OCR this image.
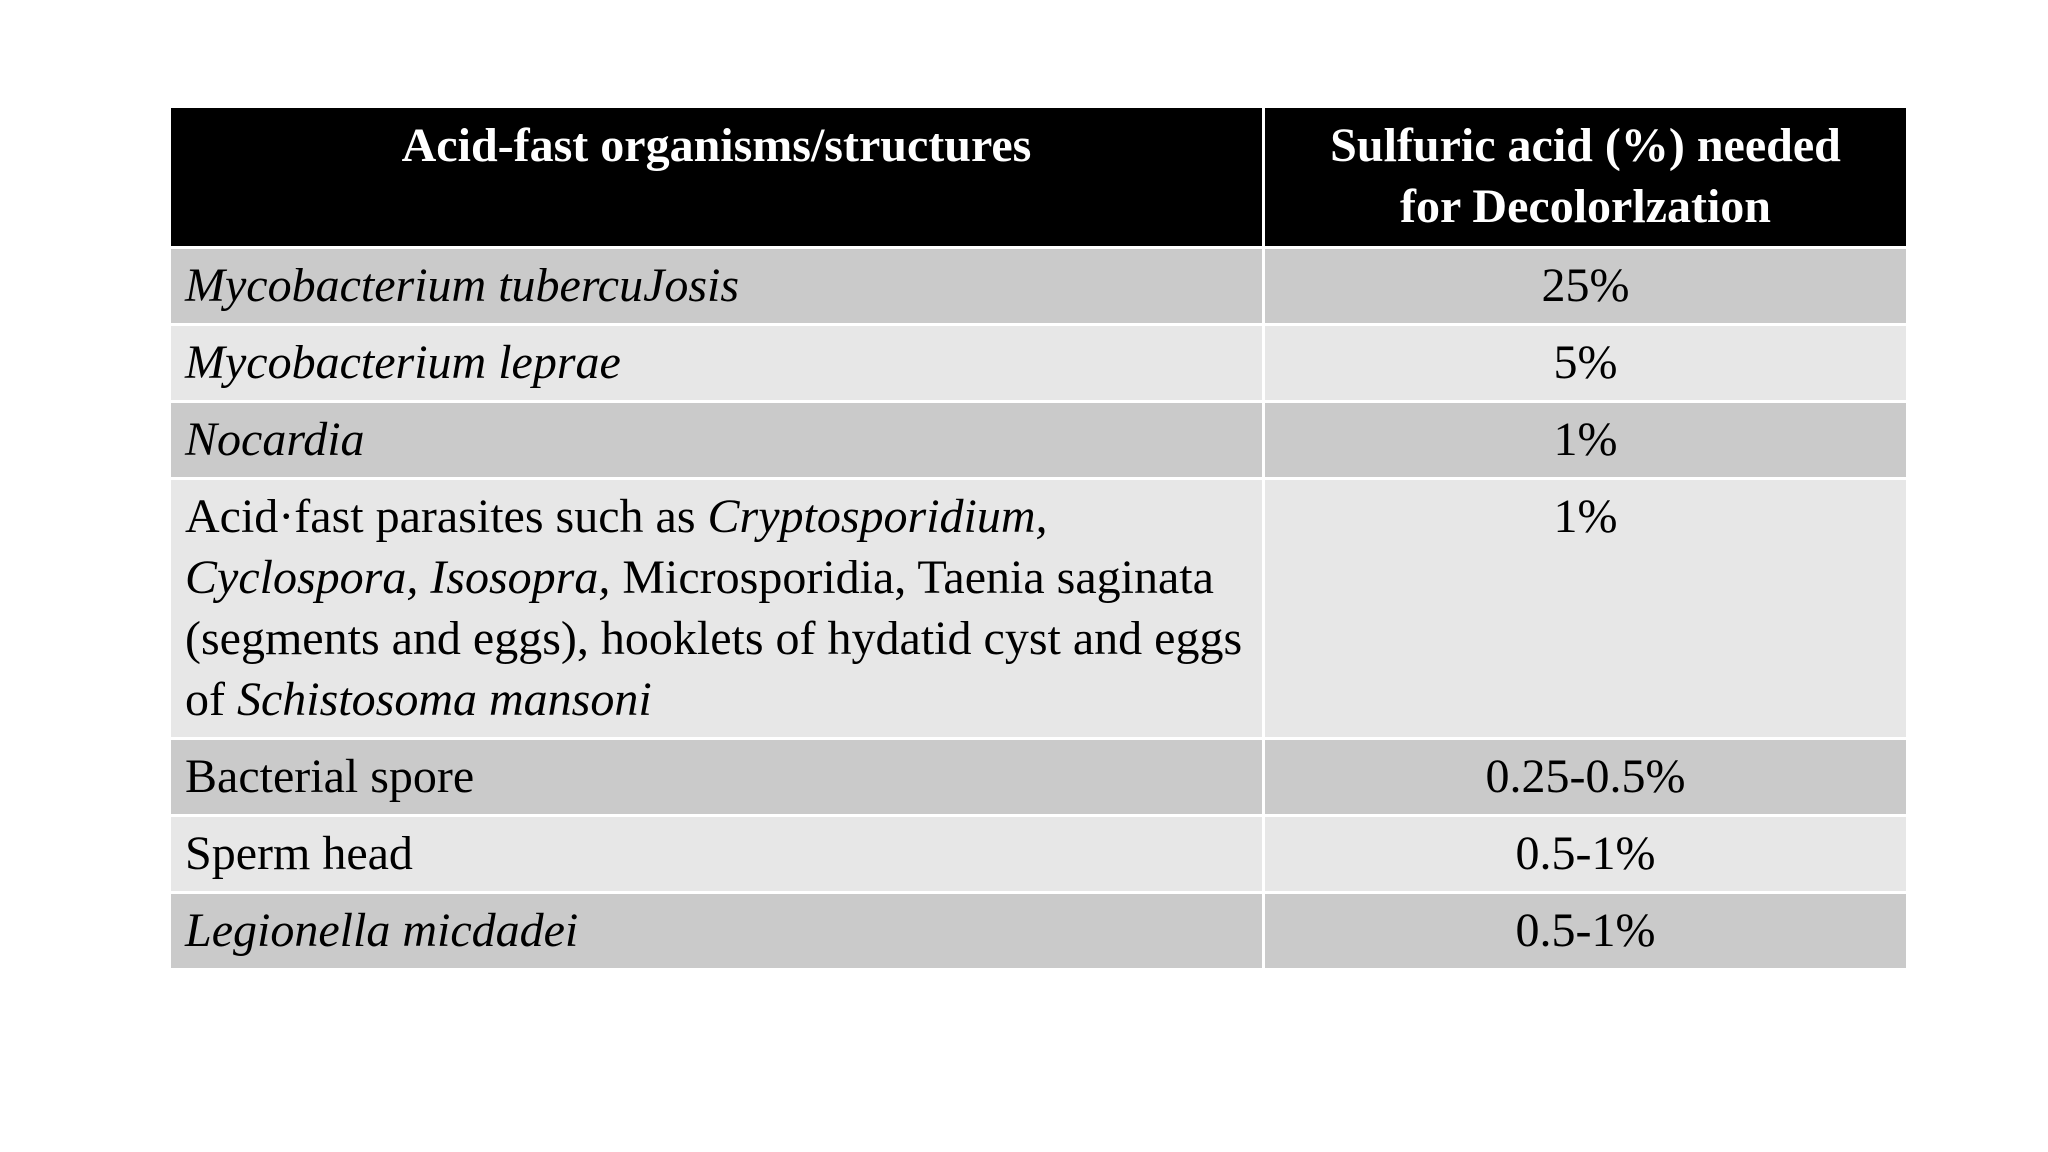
Acid-fast organisms/structures	Sulfuric acid (%) needed
for Decolorlzation
Mycobacterium tubercuJosis	25%
Mycobacterium leprae	5%
Nocardia	1%
Acid·fast parasites such as Cryptosporidium, Cyclospora, Isosopra, Microsporidia, Taenia saginata (segments and eggs), hooklets of hydatid cyst and eggs of Schistosoma mansoni	1%
Bacterial spore	0.25-0.5%
Sperm head	0.5-1%
Legionella micdadei	0.5-1%
